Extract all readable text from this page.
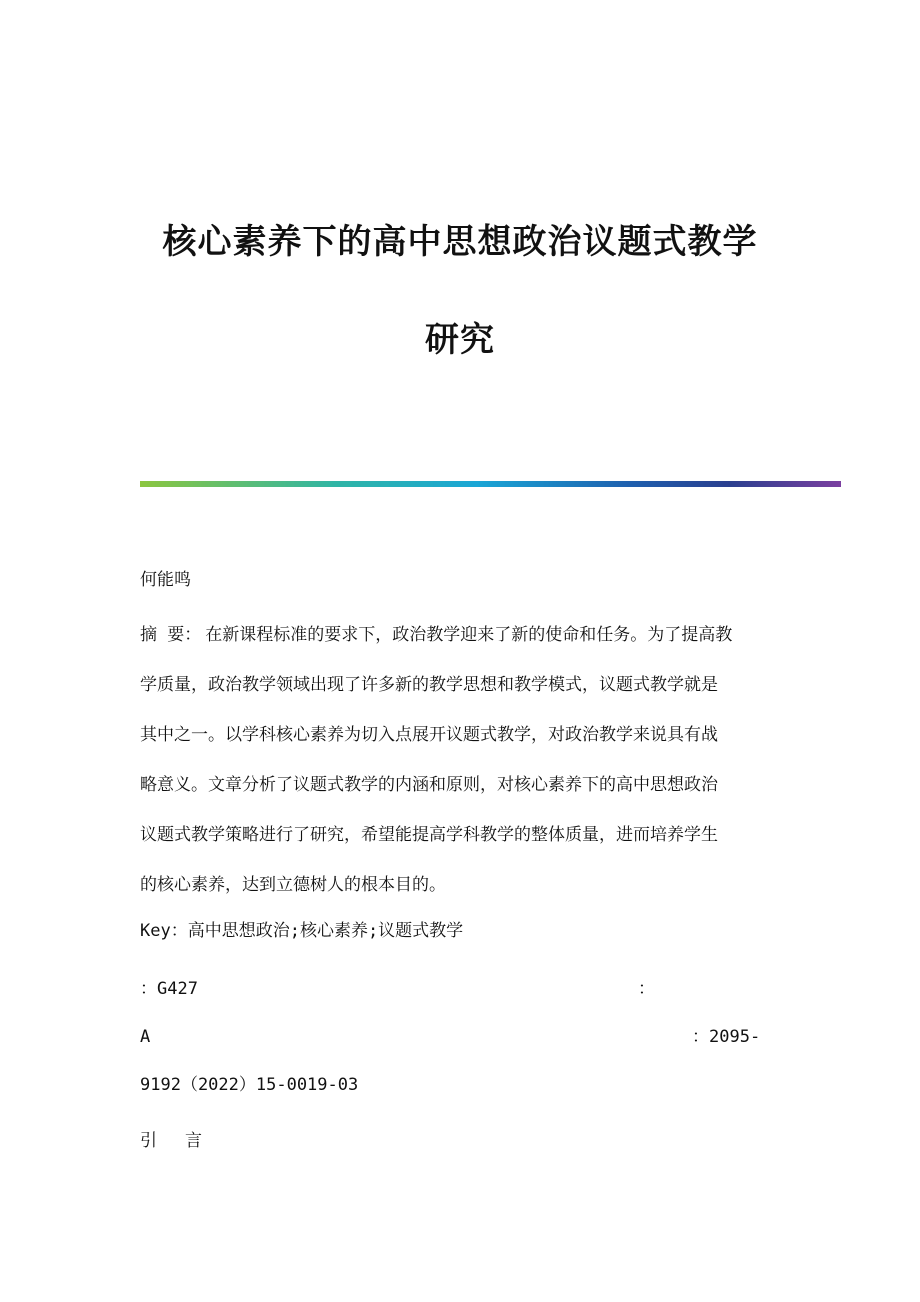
核心素养下的高中思想政治议题式教学
研究
何能鸣
摘 要： 在新课程标准的要求下，政治教学迎来了新的使命和任务。为了提高教
学质量，政治教学领域出现了许多新的教学思想和教学模式，议题式教学就是
其中之一。以学科核心素养为切入点展开议题式教学，对政治教学来说具有战
略意义。文章分析了议题式教学的内涵和原则，对核心素养下的高中思想政治
议题式教学策略进行了研究，希望能提高学科教学的整体质量，进而培养学生
的核心素养，达到立德树人的根本目的。
Key：高中思想政治;核心素养;议题式教学
：G427	：
A	：2095-
9192（2022）15-0019-03
引 言
